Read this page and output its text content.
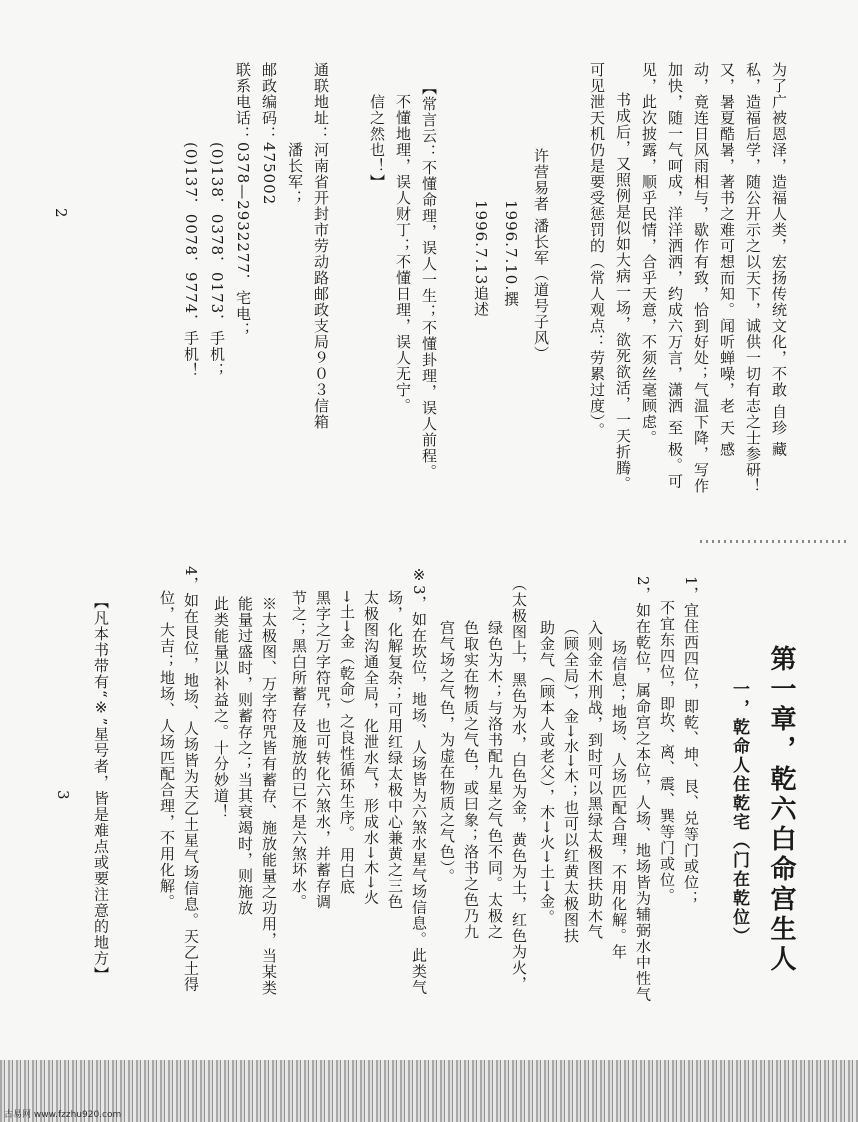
为了广被恩泽，造福人类，宏扬传统文化，不敢 自珍 藏
私，造福后学，随公开示之以天下，诚供一切有志之士参研！
又，暑夏酷暑，著书之难可想而知。闻听蝉噪，老 天 感
动，竟连日风雨相与，歇作有致，恰到好处；气温下降，写作
加快，随一气呵成，洋洋洒洒，约成六万言，潇洒 至 极。可
见，此次披露，顺乎民情，合乎天意，不须丝毫顾虑。
书成后，又照例是似如大病一场，欲死欲活，一天折腾。
可见泄天机仍是要受惩罚的（常人观点：劳累过度）。
许营易者 潘长军（道号子风）
1996.7.10.撰
1996.7.13追述
【常言云：不懂命理，误人一生；不懂卦理，误人前程。
不懂地理，误人财丁；不懂日理，误人无宁。
信之然也！】
通联地址：河南省开封市劳动路邮政支局９０３信箱
潘长军；
邮政编码：475002
联系电话：0378—2932277．宅电；
(0)138．0378．0173．手机；
(0)137．0078．9774．手机！
2
第一章，乾六白命宫生人
一，乾命人住乾宅（门在乾位）
1，宜住西四位，即乾、坤、艮、兑等门或位；
不宜东四位，即坎、离、震、巽等门或位。
2，如在乾位，属命宫之本位，人场、地场皆为辅弼水中性气
场信息；地场、人场匹配合理，不用化解。年
入则金木刑战，到时可以黑绿太极图扶助木气
（顾全局），金→水→木；也可以红黄太极图扶
助金气（顾本人或老父），木→火→土→金。
（太极图上，黑色为水，白色为金，黄色为土，红色为火，
绿色为木；与洛书配九星之气色不同。太极之
色取实在物质之气色，或曰象；洛书之色乃九
宫气场之气色，为虚在物质之气色）。
※3，如在坎位，地场、人场皆为六煞水星气场信息。此类气
场，化解复杂；可用红绿太极中心兼黄之三色
太极图沟通全局，化泄水气，形成水→木→火
→土→金（乾命）之良性循环生序。 用白底
黑字之万字符咒，也可转化六煞水，并蓄存调
节之；黑白所蓄存及施放的已不是六煞坏水。
※太极图、万字符咒皆有蓄存、施放能量之功用，当某类
能量过盛时，则蓄存之；当其衰竭时，则施放
此类能量以补益之。十分妙道！
4，如在艮位，地场、人场皆为天乙土星气场信息。天乙土得
位，大吉；地场、人场匹配合理，不用化解。
【凡本书带有“※”星号者，皆是难点或要注意的地方】
3
古易网 www.fzzhu920.com
